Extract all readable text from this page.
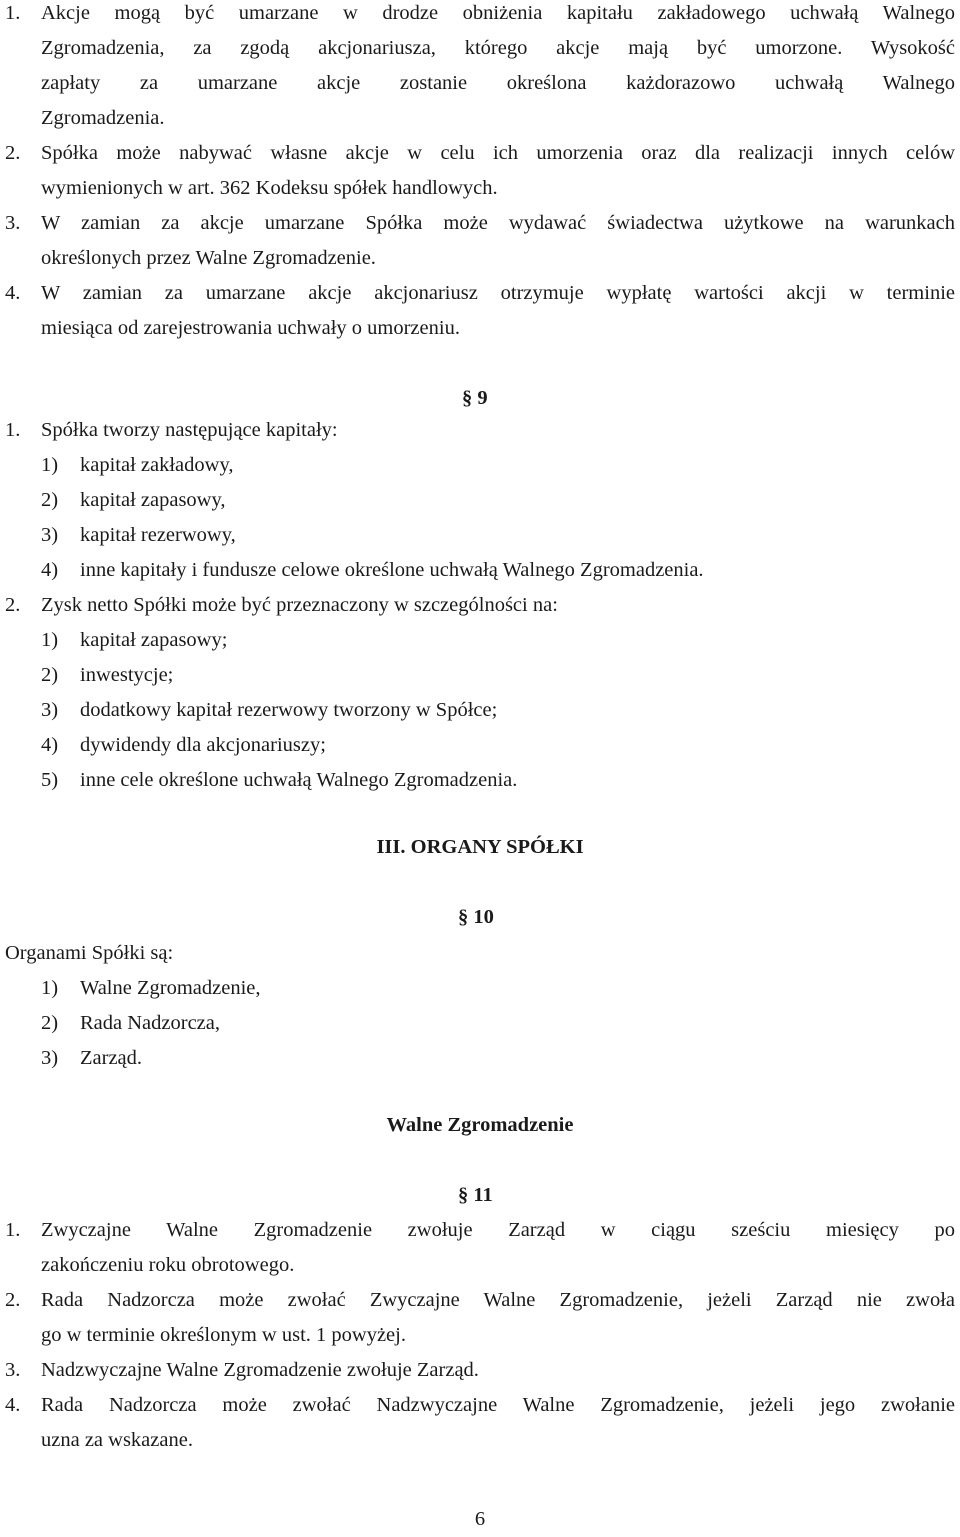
1. Akcje mogą być umarzane w drodze obniżenia kapitału zakładowego uchwałą Walnego
Zgromadzenia, za zgodą akcjonariusza, którego akcje mają być umorzone. Wysokość
zapłaty za umarzane akcje zostanie określona każdorazowo uchwałą Walnego
Zgromadzenia.
2. Spółka może nabywać własne akcje w celu ich umorzenia oraz dla realizacji innych celów
wymienionych w art. 362 Kodeksu spółek handlowych.
3. W zamian za akcje umarzane Spółka może wydawać świadectwa użytkowe na warunkach
określonych przez Walne Zgromadzenie.
4. W zamian za umarzane akcje akcjonariusz otrzymuje wypłatę wartości akcji w terminie
miesiąca od zarejestrowania uchwały o umorzeniu.
§ 9
1. Spółka tworzy następujące kapitały:
1) kapitał zakładowy,
2) kapitał zapasowy,
3) kapitał rezerwowy,
4) inne kapitały i fundusze celowe określone uchwałą Walnego Zgromadzenia.
2. Zysk netto Spółki może być przeznaczony w szczególności na:
1) kapitał zapasowy;
2) inwestycje;
3) dodatkowy kapitał rezerwowy tworzony w Spółce;
4) dywidendy dla akcjonariuszy;
5) inne cele określone uchwałą Walnego Zgromadzenia.
III. ORGANY SPÓŁKI
§ 10
Organami Spółki są:
1) Walne Zgromadzenie,
2) Rada Nadzorcza,
3) Zarząd.
Walne Zgromadzenie
§ 11
1. Zwyczajne Walne Zgromadzenie zwołuje Zarząd w ciągu sześciu miesięcy po
zakończeniu roku obrotowego.
2. Rada Nadzorcza może zwołać Zwyczajne Walne Zgromadzenie, jeżeli Zarząd nie zwoła
go w terminie określonym w ust. 1 powyżej.
3. Nadzwyczajne Walne Zgromadzenie zwołuje Zarząd.
4. Rada Nadzorcza może zwołać Nadzwyczajne Walne Zgromadzenie, jeżeli jego zwołanie
uzna za wskazane.
6
